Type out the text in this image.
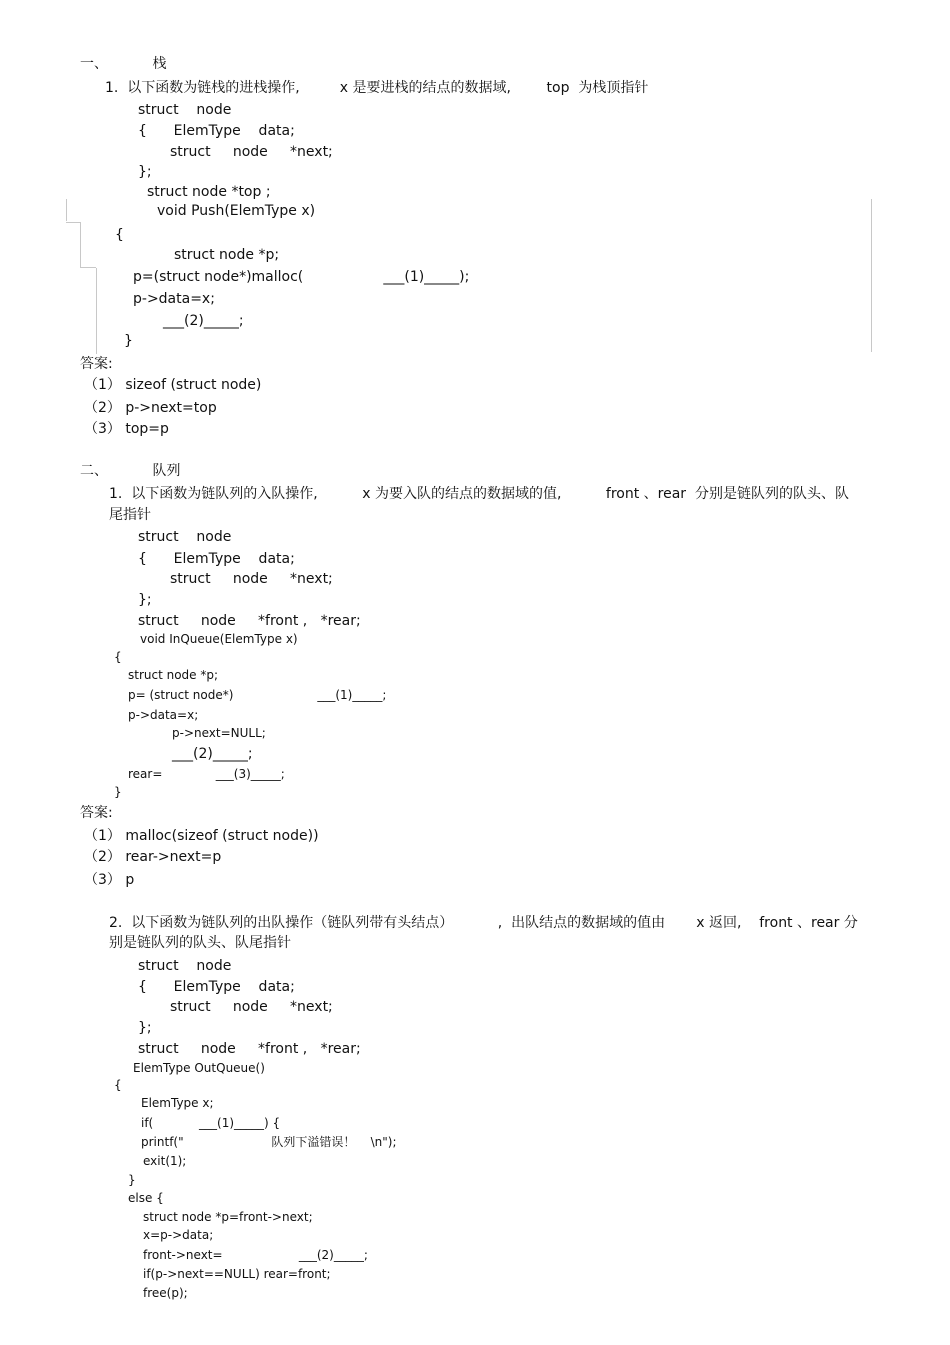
一、          栈
1.  以下函数为链栈的进栈操作,         x 是要进栈的结点的数据域,        top  为栈顶指针
struct    node
{      ElemType    data;
struct     node     *next;
};
struct node *top ;
void Push(ElemType x)
{
struct node *p;
p=(struct node*)malloc(                  ___(1)_____);
p->data=x;
___(2)_____;
}
答案:
（1） sizeof (struct node)
（2） p->next=top
（3） top=p
二、          队列
1.  以下函数为链队列的入队操作,          x 为要入队的结点的数据域的值,          front 、rear  分别是链队列的队头、队
尾指针
struct    node
{      ElemType    data;
struct     node     *next;
};
struct     node     *front ,   *rear;
void InQueue(ElemType x)
{
struct node *p;
p= (struct node*)                      ___(1)_____;
p->data=x;
p->next=NULL;
___(2)_____;
rear=              ___(3)_____;
}
答案:
（1） malloc(sizeof (struct node))
（2） rear->next=p
（3） p
2.  以下函数为链队列的出队操作（链队列带有头结点）          ,  出队结点的数据域的值由       x 返回,    front 、rear 分
别是链队列的队头、队尾指针
struct    node
{      ElemType    data;
struct     node     *next;
};
struct     node     *front ,   *rear;
ElemType OutQueue()
{
ElemType x;
if(            ___(1)_____) {
printf("                       队列下溢错误！    \n");
exit(1);
}
else {
struct node *p=front->next;
x=p->data;
front->next=                    ___(2)_____;
if(p->next==NULL) rear=front;
free(p);
